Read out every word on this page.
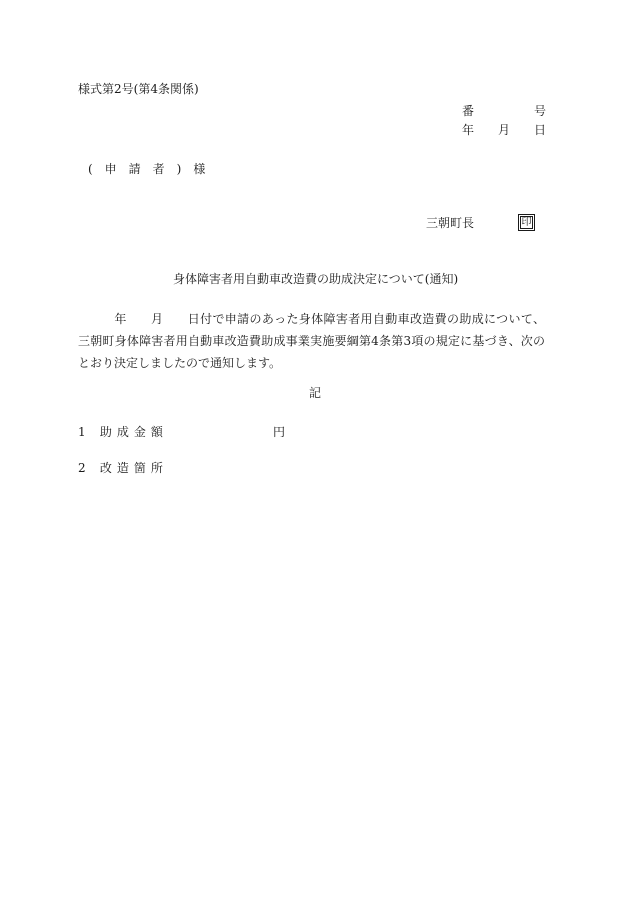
様式第2号(第4条関係)
番	号
年 月 日
(申請者)様
三朝町長	印
身体障害者用自動車改造費の助成決定について(通知)
年 月 日付で申請のあった身体障害者用自動車改造費の助成について、三朝町身体障害者用自動車改造費助成事業実施要綱第4条第3項の規定に基づき、次のとおり決定しましたので通知します。
記
1 助成金額	円
2 改造箇所
